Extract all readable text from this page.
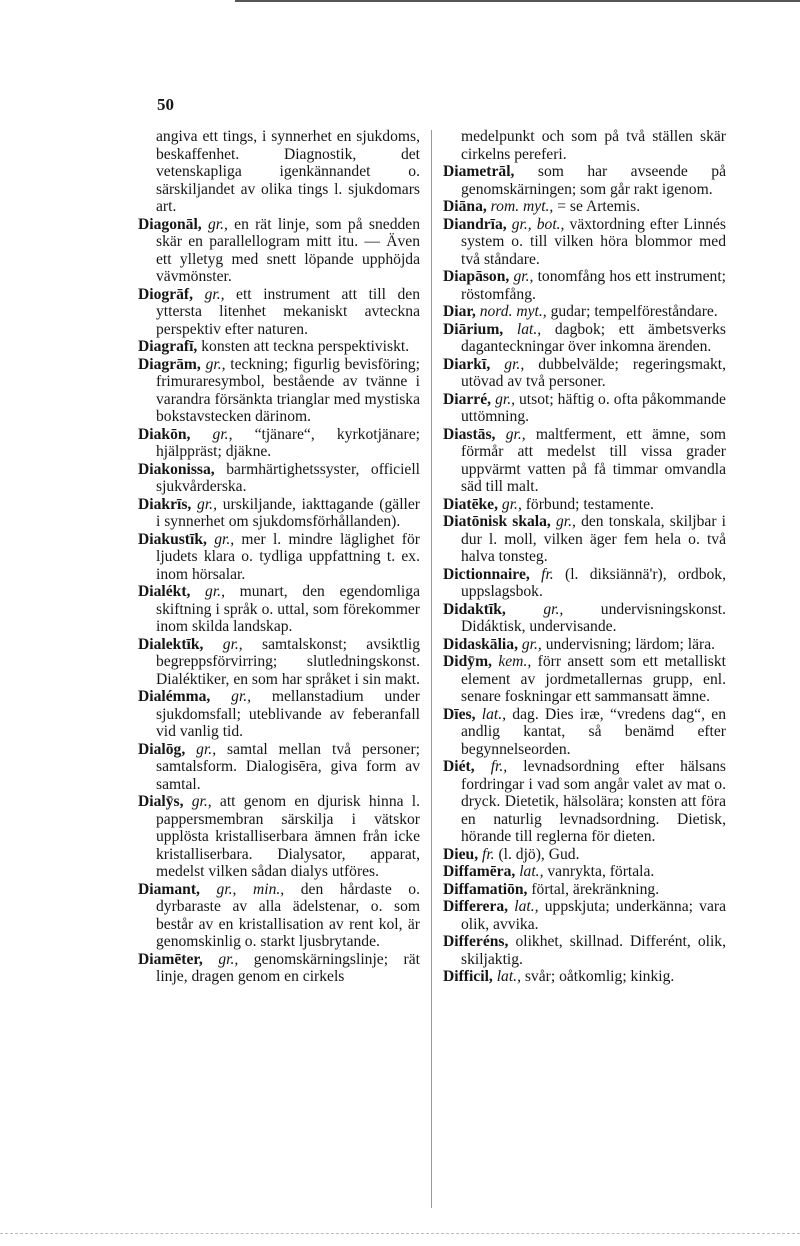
50

angiva ett tings, i synnerhet en sjukdoms, beskaffenhet. Diagnostik, det vetenskapliga igenkännandet o. särskiljandet av olika tings l. sjukdomars art.

Diagonāl, gr., en rät linje, som på snedden skär en parallellogram mitt itu. — Även ett ylletyg med snett löpande upphöjda vävmönster.

Diogrāf, gr., ett instrument att till den yttersta litenhet mekaniskt avteckna perspektiv efter naturen.

Diagrafī, konsten att teckna perspektiviskt.

Diagrām, gr., teckning; figurlig bevisföring; frimuraresymbol, bestående av tvänne i varandra försänkta trianglar med mystiska bokstavstecken därinom.

Diakōn, gr., “tjänare“, kyrkotjänare; hjälppräst; djäkne.

Diakonissa, barmhärtighetssyster, officiell sjukvårderska.

Diakrīs, gr., urskiljande, iakttagande (gäller i synnerhet om sjukdomsförhållanden).

Diakustīk, gr., mer l. mindre läglighet för ljudets klara o. tydliga uppfattning t. ex. inom hörsalar.

Dialékt, gr., munart, den egendomliga skiftning i språk o. uttal, som förekommer inom skilda landskap.

Dialektīk, gr., samtalskonst; avsiktlig begreppsförvirring; slutledningskonst. Dialéktiker, en som har språket i sin makt.

Dialémma, gr., mellanstadium under sjukdomsfall; uteblivande av feberanfall vid vanlig tid.

Dialōg, gr., samtal mellan två personer; samtalsform. Dialogisēra, giva form av samtal.

Dialȳs, gr., att genom en djurisk hinna l. pappersmembran särskilja i vätskor upplösta kristalliserbara ämnen från icke kristalliserbara. Dialysator, apparat, medelst vilken sådan dialys utföres.

Diamant, gr., min., den hårdaste o. dyrbaraste av alla ädelstenar, o. som består av en kristallisation av rent kol, är genomskinlig o. starkt ljusbrytande.

Diamēter, gr., genomskärningslinje; rät linje, dragen genom en cirkels

medelpunkt och som på två ställen skär cirkelns pereferi.

Diametrāl, som har avseende på genomskärningen; som går rakt igenom.

Diāna, rom. myt., = se Artemis.

Diandrīa, gr., bot., växtordning efter Linnés system o. till vilken höra blommor med två ståndare.

Diapāson, gr., tonomfång hos ett instrument; röstomfång.

Diar, nord. myt., gudar; tempelföreståndare.

Diārium, lat., dagbok; ett ämbetsverks daganteckningar över inkomna ärenden.

Diarkī, gr., dubbelvälde; regeringsmakt, utövad av två personer.

Diarré, gr., utsot; häftig o. ofta påkommande uttömning.

Diastās, gr., maltferment, ett ämne, som förmår att medelst till vissa grader uppvärmt vatten på få timmar omvandla säd till malt.

Diatēke, gr., förbund; testamente.

Diatōnisk skala, gr., den tonskala, skiljbar i dur l. moll, vilken äger fem hela o. två halva tonsteg.

Dictionnaire, fr. (l. diksiännä'r), ordbok, uppslagsbok.

Didaktīk, gr., undervisningskonst. Didáktisk, undervisande.

Didaskālia, gr., undervisning; lärdom; lära.

Didȳm, kem., förr ansett som ett metalliskt element av jordmetallernas grupp, enl. senare foskningar ett sammansatt ämne.

Dīes, lat., dag. Dies iræ, “vredens dag“, en andlig kantat, så benämd efter begynnelseorden.

Diét, fr., levnadsordning efter hälsans fordringar i vad som angår valet av mat o. dryck. Dietetik, hälsolära; konsten att föra en naturlig levnadsordning. Dietisk, hörande till reglerna för dieten.

Dieu, fr. (l. djö), Gud.

Diffamēra, lat., vanrykta, förtala.

Diffamatiōn, förtal, ärekränkning.

Differera, lat., uppskjuta; underkänna; vara olik, avvika.

Differéns, olikhet, skillnad. Differént, olik, skiljaktig.

Difficil, lat., svår; oåtkomlig; kinkig.
